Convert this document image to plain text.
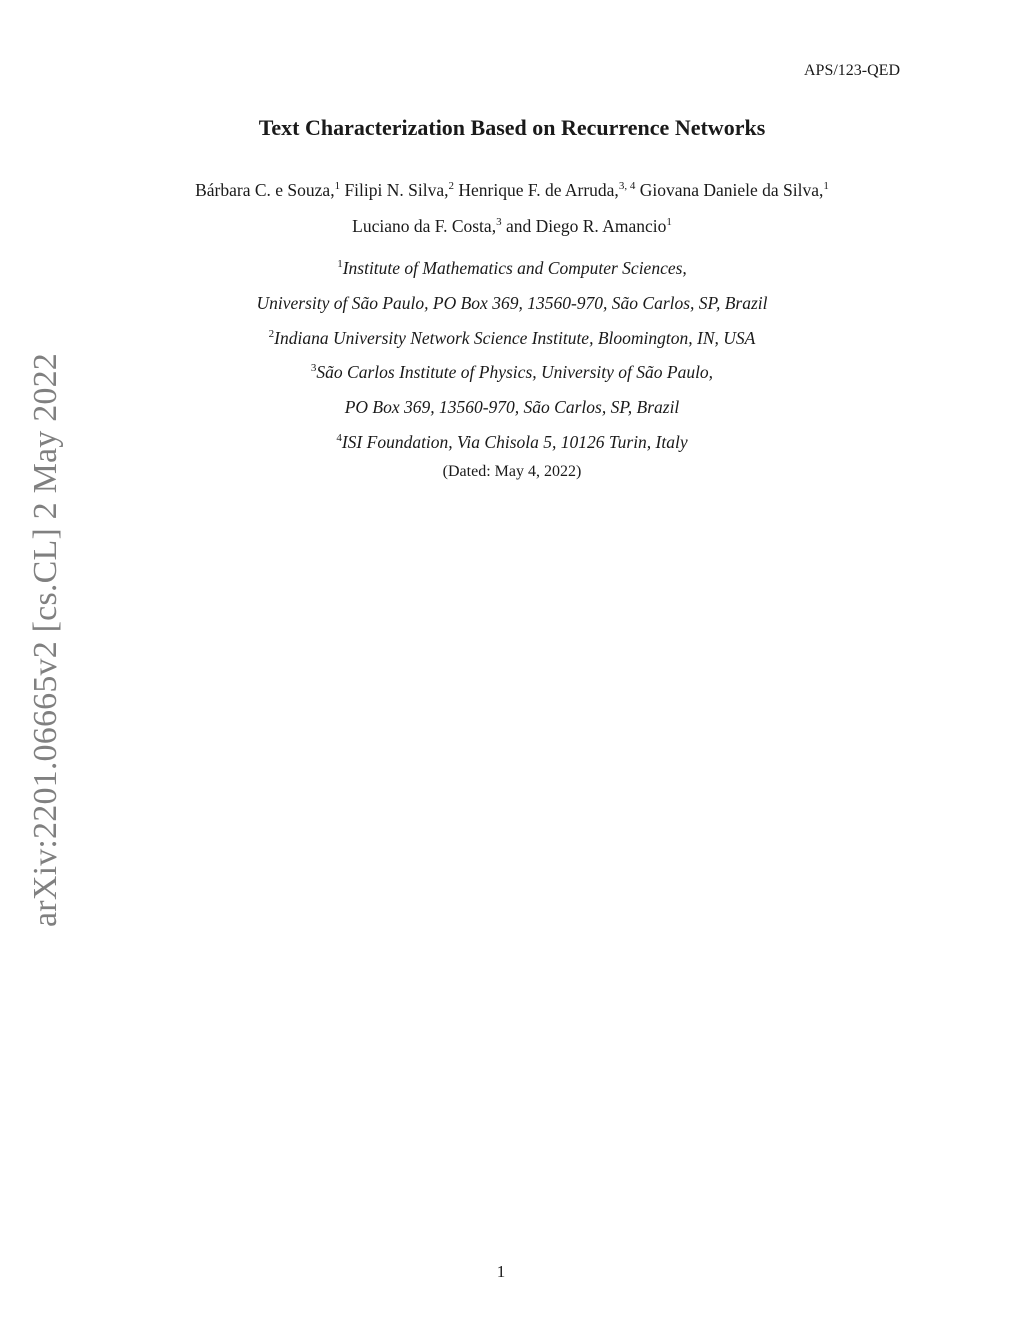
APS/123-QED
arXiv:2201.06665v2 [cs.CL] 2 May 2022
Text Characterization Based on Recurrence Networks
Bárbara C. e Souza,$^1$ Filipi N. Silva,$^2$ Henrique F. de Arruda,$^{3, 4}$ Giovana Daniele da Silva,$^1$ Luciano da F. Costa,$^3$ and Diego R. Amancio$^1$
$^1$Institute of Mathematics and Computer Sciences,
University of São Paulo, PO Box 369, 13560-970, São Carlos, SP, Brazil
$^2$Indiana University Network Science Institute, Bloomington, IN, USA
$^3$São Carlos Institute of Physics, University of São Paulo,
PO Box 369, 13560-970, São Carlos, SP, Brazil
$^4$ISI Foundation, Via Chisola 5, 10126 Turin, Italy
(Dated: May 4, 2022)
1
